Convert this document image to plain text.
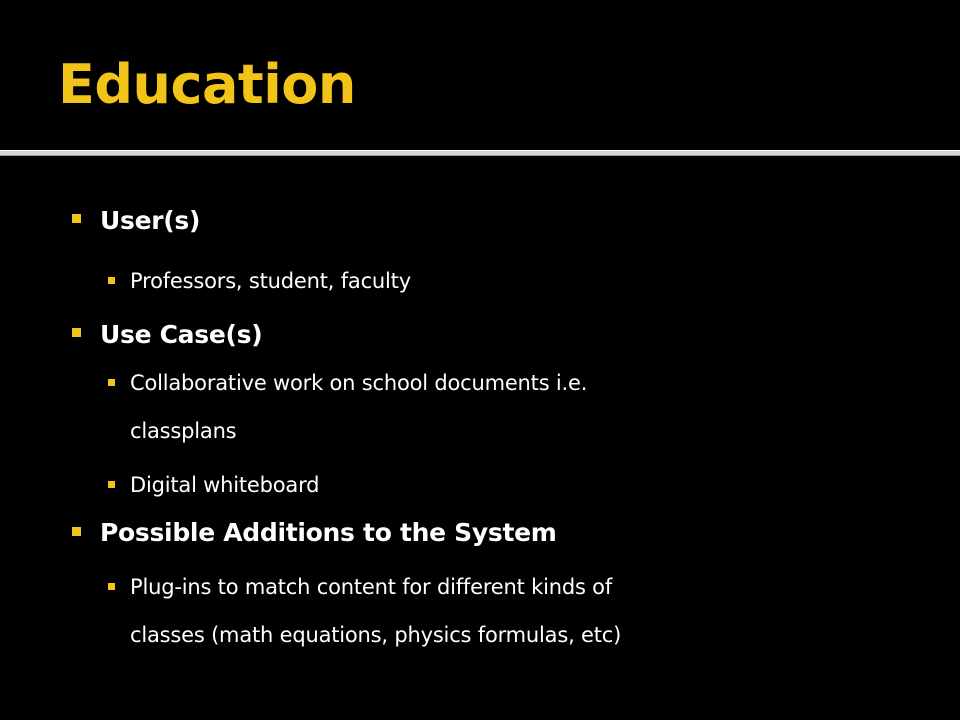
Education
User(s)
Professors, student, faculty
Use Case(s)
Collaborative work on school documents i.e.
classplans
Digital whiteboard
Possible Additions to the System
Plug-ins to match content for different kinds of
classes (math equations, physics formulas, etc)
